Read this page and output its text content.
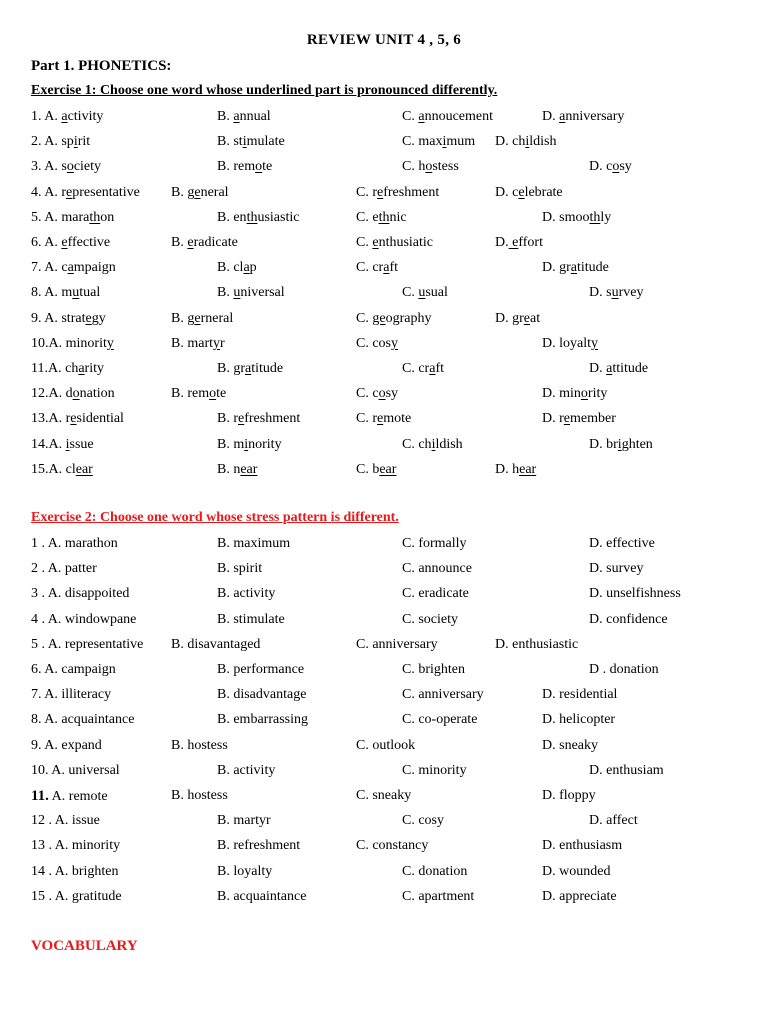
REVIEW UNIT 4 , 5, 6
Part 1. PHONETICS:
Exercise 1: Choose one word whose underlined part is pronounced differently.
1. A. activity	B. annual	C. annoucement	D. anniversary
2. A. spirit	B. stimulate	C. maximum D. childish
3. A. society	B. remote	C. hostess	D. cosy
4. A. representative B. general	C. refreshment	D. celebrate
5. A. marathon	B. enthusiastic	C. ethnic	D. smoothly
6. A. effective	B. eradicate	C. enthusiatic	D. effort
7. A. campaign	B. clap	C. craft	D. gratitude
8. A. mutual	B. universal	C. usual	D. survey
9. A. strategy	B. gerneral	C. geography	D. great
10.A. minority	B. martyr	C. cosy	D. loyalty
11.A. charity	B. gratitude	C. craft	D. attitude
12.A. donation	B. remote	C. cosy	D. minority
13.A. residential	B. refreshment	C. remote	D. remember
14.A. issue	B. minority	C. childish	D. brighten
15.A. clear	B. near	C. bear	D. hear
Exercise 2: Choose one word whose stress pattern is different.
1 . A. marathon	B. maximum	C. formally	D. effective
2 . A. patter	B. spirit	C. announce	D. survey
3 . A. disappoited	B. activity	C. eradicate	D. unselfishness
4 . A. windowpane	B. stimulate	C. society	D. confidence
5 . A. representative B. disavantaged	C. anniversary	D. enthusiastic
6. A. campaign	B. performance	C. brighten	D . donation
7. A. illiteracy	B. disadvantage	C. anniversary	D. residential
8. A. acquaintance	B. embarrassing	C. co-operate	D. helicopter
9. A. expand	B. hostess	C. outlook	D. sneaky
10. A. universal	B. activity	C. minority	D. enthusiam
11. A. remote	B. hostess	C. sneaky	D. floppy
12 . A. issue	B. martyr	C. cosy	D. affect
13 . A. minority	B. refreshment	C. constancy	D. enthusiasm
14 . A. brighten	B. loyalty	C. donation	D. wounded
15 . A. gratitude	B. acquaintance	C. apartment	D. appreciate
VOCABULARY
